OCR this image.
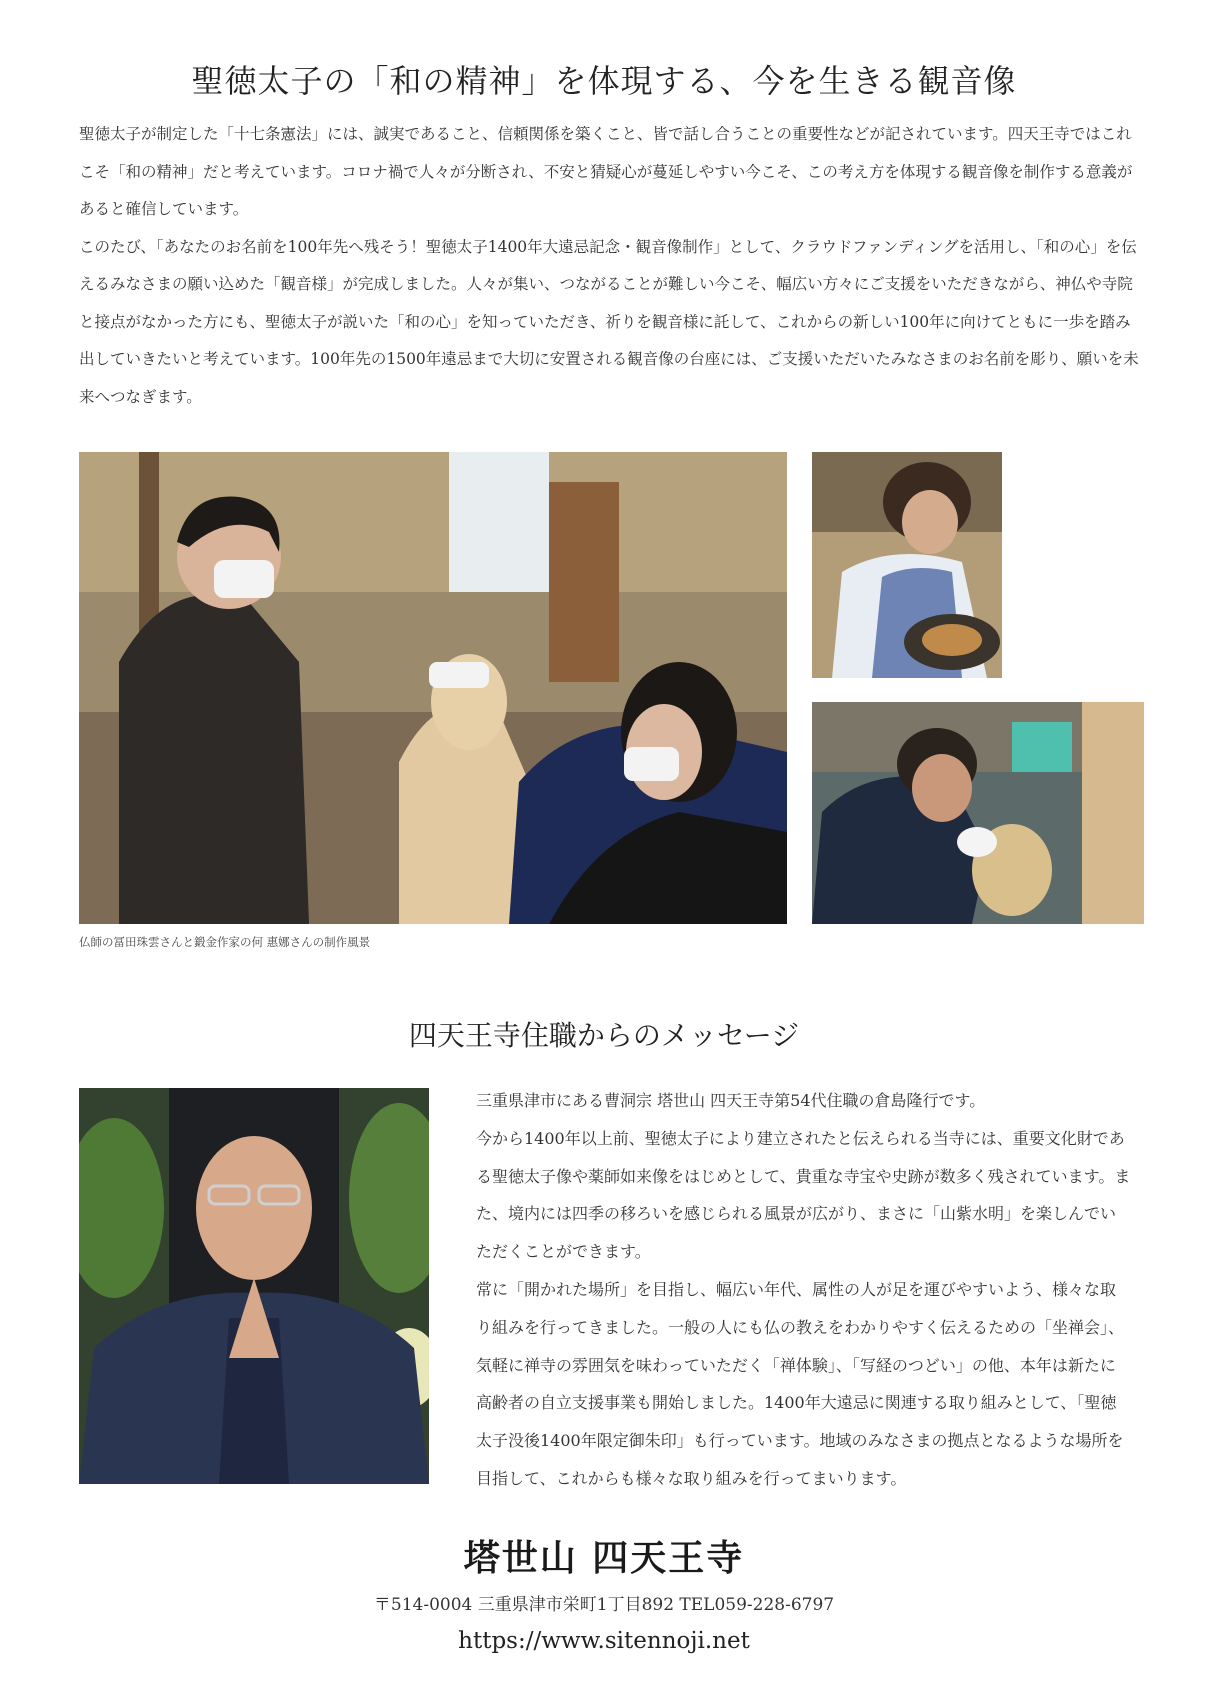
聖徳太子の「和の精神」を体現する、今を生きる観音像

聖徳太子が制定した「十七条憲法」には、誠実であること、信頼関係を築くこと、皆で話し合うことの重要性などが記されています。四天王寺ではこれこそ「和の精神」だと考えています。コロナ禍で人々が分断され、不安と猜疑心が蔓延しやすい今こそ、この考え方を体現する観音像を制作する意義があると確信しています。

このたび、「あなたのお名前を100年先へ残そう！聖徳太子1400年大遠忌記念・観音像制作」として、クラウドファンディングを活用し、「和の心」を伝えるみなさまの願い込めた「観音様」が完成しました。人々が集い、つながることが難しい今こそ、幅広い方々にご支援をいただきながら、神仏や寺院と接点がなかった方にも、聖徳太子が説いた「和の心」を知っていただき、祈りを観音様に託して、これからの新しい100年に向けてともに一歩を踏み出していきたいと考えています。100年先の1500年遠忌まで大切に安置される観音像の台座には、ご支援いただいたみなさまのお名前を彫り、願いを未来へつなぎます。

仏師の冨田珠雲さんと鍛金作家の何 惠娜さんの制作風景
四天王寺住職からのメッセージ

三重県津市にある曹洞宗 塔世山 四天王寺第54代住職の倉島隆行です。

今から1400年以上前、聖徳太子により建立されたと伝えられる当寺には、重要文化財である聖徳太子像や薬師如来像をはじめとして、貴重な寺宝や史跡が数多く残されています。また、境内には四季の移ろいを感じられる風景が広がり、まさに「山紫水明」を楽しんでいただくことができます。

常に「開かれた場所」を目指し、幅広い年代、属性の人が足を運びやすいよう、様々な取り組みを行ってきました。一般の人にも仏の教えをわかりやすく伝えるための「坐禅会」、気軽に禅寺の雰囲気を味わっていただく「禅体験」、「写経のつどい」の他、本年は新たに高齢者の自立支援事業も開始しました。1400年大遠忌に関連する取り組みとして、「聖徳太子没後1400年限定御朱印」も行っています。地域のみなさまの拠点となるような場所を目指して、これからも様々な取り組みを行ってまいります。

塔世山 四天王寺
〒514-0004 三重県津市栄町1丁目892 TEL059-228-6797
https://www.sitennoji.net
